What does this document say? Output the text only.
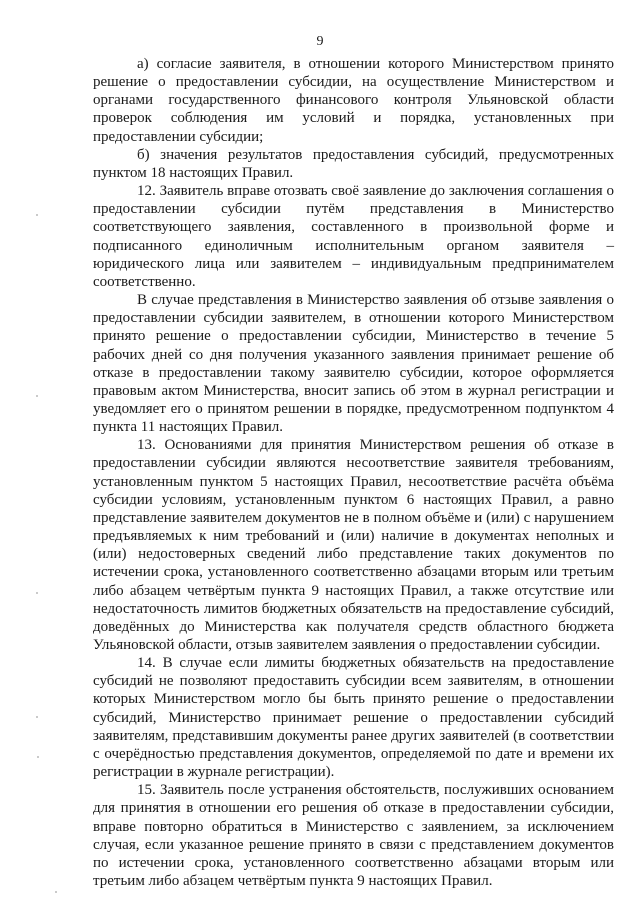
9

а) согласие заявителя, в отношении которого Министерством принято решение о предоставлении субсидии, на осуществление Министерством и органами государственного финансового контроля Ульяновской области проверок соблюдения им условий и порядка, установленных при предоставлении субсидии;

б) значения результатов предоставления субсидий, предусмотренных пунктом 18 настоящих Правил.

12. Заявитель вправе отозвать своё заявление до заключения соглашения о предоставлении субсидии путём представления в Министерство соответствующего заявления, составленного в произвольной форме и подписанного единоличным исполнительным органом заявителя – юридического лица или заявителем – индивидуальным предпринимателем соответственно.

В случае представления в Министерство заявления об отзыве заявления о предоставлении субсидии заявителем, в отношении которого Министерством принято решение о предоставлении субсидии, Министерство в течение 5 рабочих дней со дня получения указанного заявления принимает решение об отказе в предоставлении такому заявителю субсидии, которое оформляется правовым актом Министерства, вносит запись об этом в журнал регистрации и уведомляет его о принятом решении в порядке, предусмотренном подпунктом 4 пункта 11 настоящих Правил.

13. Основаниями для принятия Министерством решения об отказе в предоставлении субсидии являются несоответствие заявителя требованиям, установленным пунктом 5 настоящих Правил, несоответствие расчёта объёма субсидии условиям, установленным пунктом 6 настоящих Правил, а равно представление заявителем документов не в полном объёме и (или) с нарушением предъявляемых к ним требований и (или) наличие в документах неполных и (или) недостоверных сведений либо представление таких документов по истечении срока, установленного соответственно абзацами вторым или третьим либо абзацем четвёртым пункта 9 настоящих Правил, а также отсутствие или недостаточность лимитов бюджетных обязательств на предоставление субсидий, доведённых до Министерства как получателя средств областного бюджета Ульяновской области, отзыв заявителем заявления о предоставлении субсидии.

14. В случае если лимиты бюджетных обязательств на предоставление субсидий не позволяют предоставить субсидии всем заявителям, в отношении которых Министерством могло бы быть принято решение о предоставлении субсидий, Министерство принимает решение о предоставлении субсидий заявителям, представившим документы ранее других заявителей (в соответствии с очерёдностью представления документов, определяемой по дате и времени их регистрации в журнале регистрации).

15. Заявитель после устранения обстоятельств, послуживших основанием для принятия в отношении его решения об отказе в предоставлении субсидии, вправе повторно обратиться в Министерство с заявлением, за исключением случая, если указанное решение принято в связи с представлением документов по истечении срока, установленного соответственно абзацами вторым или третьим либо абзацем четвёртым пункта 9 настоящих Правил.
